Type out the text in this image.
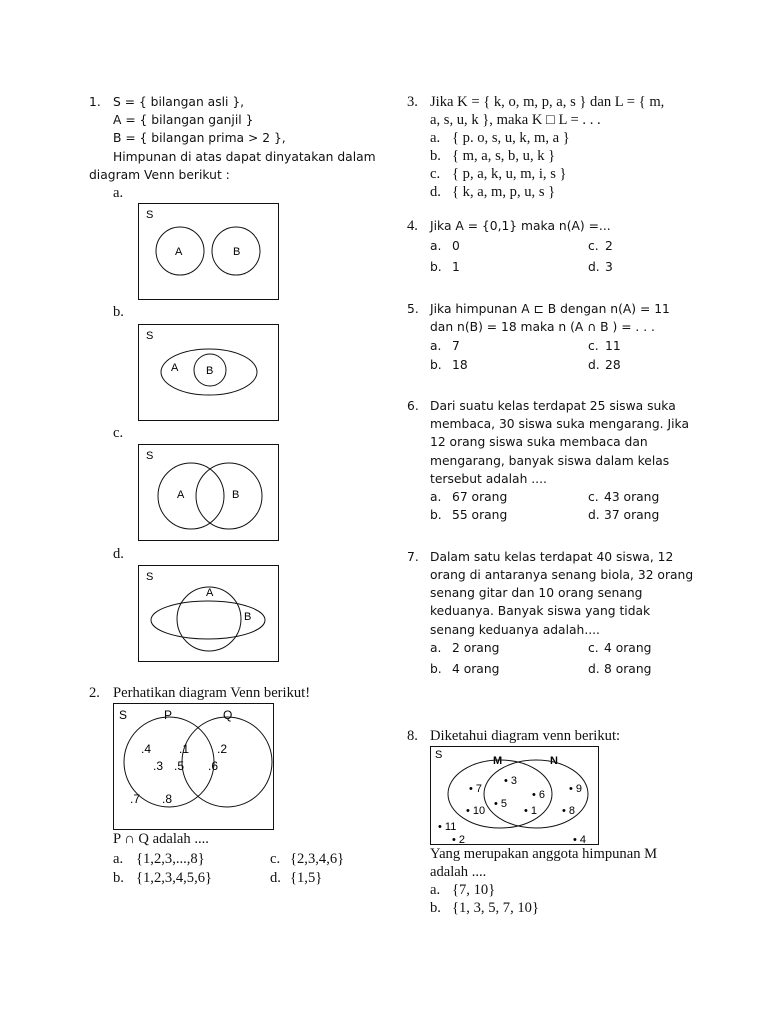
1. S = { bilangan asli },
A = { bilangan ganjil }
B = { bilangan prima > 2 },
Himpunan di atas dapat dinyatakan dalam
diagram Venn berikut :
a.
S
A	B
b.
S
A	B
c.
S
A	B
d.
S
A
B
2. Perhatikan diagram Venn berikut!
S	P	Q
.4 .1 .2
.3 .5 .6
.7 .8
P ∩ Q adalah ....
a. {1,2,3,...,8}	c. {2,3,4,6}
b. {1,2,3,4,5,6}	d. {1,5}
3. Jika K = { k, o, m, p, a, s } dan L = { m,
a, s, u, k }, maka K □ L = . . .
a. { p. o, s, u, k, m, a }
b. { m, a, s, b, u, k }
c. { p, a, k, u, m, i, s }
d. { k, a, m, p, u, s }
4. Jika A = {0,1} maka n(A) =...
a. 0	c. 2
b. 1	d. 3
5. Jika himpunan A ⊏ B dengan n(A) = 11
dan n(B) = 18 maka n (A ∩ B ) = . . .
a. 7	c. 11
b. 18	d. 28
6. Dari suatu kelas terdapat 25 siswa suka
membaca, 30 siswa suka mengarang. Jika
12 orang siswa suka membaca dan
mengarang, banyak siswa dalam kelas
tersebut adalah ....
a. 67 orang	c. 43 orang
b. 55 orang	d. 37 orang
7. Dalam satu kelas terdapat 40 siswa, 12
orang di antaranya senang biola, 32 orang
senang gitar dan 10 orang senang
keduanya. Banyak siswa yang tidak
senang keduanya adalah....
a. 2 orang	c. 4 orang
b. 4 orang	d. 8 orang
8. Diketahui diagram venn berikut:
S	M	N
• 3
• 7	• 6 • 9
• 10
• 5
• 1 • 8
• 11
• 2	• 4
Yang merupakan anggota himpunan M
adalah ....
a. {7, 10}
b. {1, 3, 5, 7, 10}
